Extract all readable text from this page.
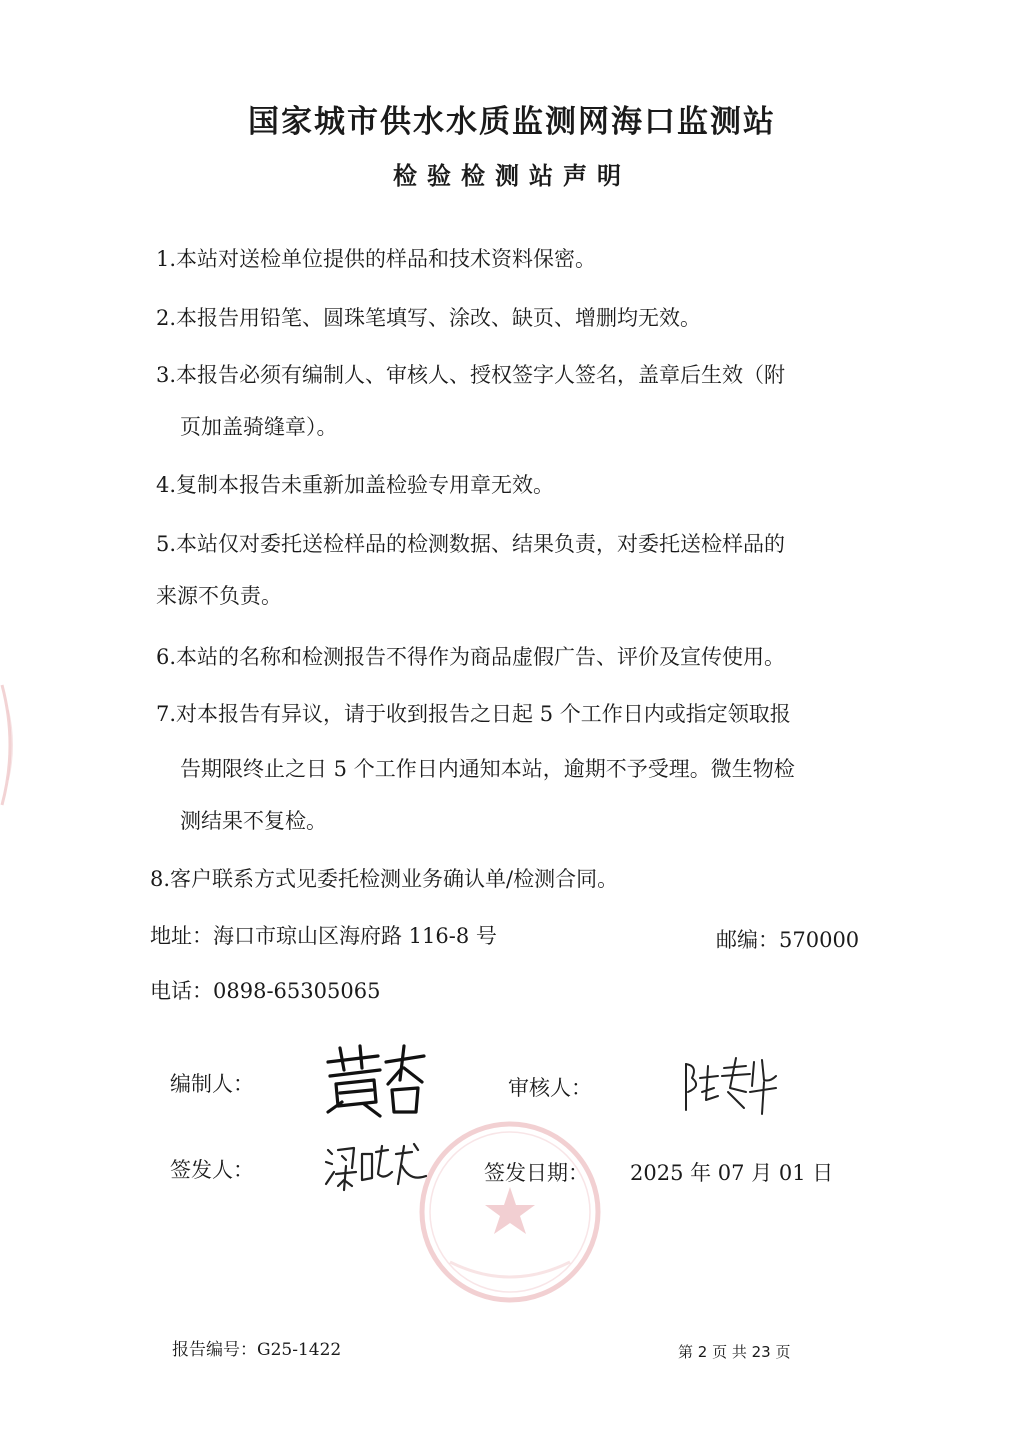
国家城市供水水质监测网海口监测站
检验检测站声明
1.本站对送检单位提供的样品和技术资料保密。
2.本报告用铅笔、圆珠笔填写、涂改、缺页、增删均无效。
3.本报告必须有编制人、审核人、授权签字人签名，盖章后生效（附
页加盖骑缝章）。
4.复制本报告未重新加盖检验专用章无效。
5.本站仅对委托送检样品的检测数据、结果负责，对委托送检样品的
来源不负责。
6.本站的名称和检测报告不得作为商品虚假广告、评价及宣传使用。
7.对本报告有异议，请于收到报告之日起 5 个工作日内或指定领取报
告期限终止之日 5 个工作日内通知本站，逾期不予受理。微生物检
测结果不复检。
8.客户联系方式见委托检测业务确认单/检测合同。
地址：海口市琼山区海府路 116-8 号	邮编：570000
电话：0898-65305065
编制人：	审核人：
签发人：	签发日期： 2025 年 07 月 01 日
报告编号：G25-1422	第 2 页 共 23 页
